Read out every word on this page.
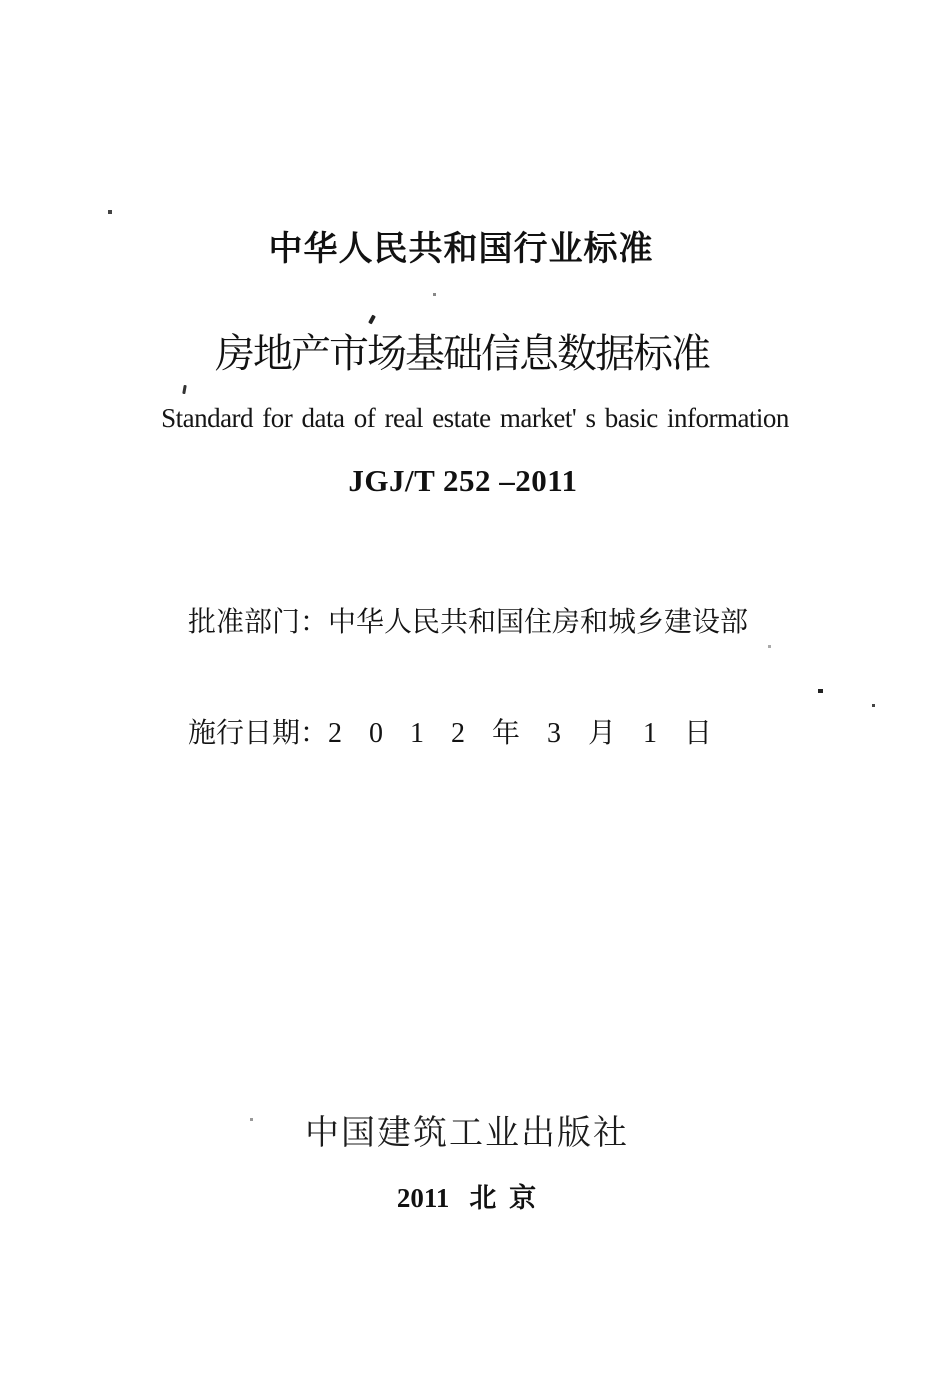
中华人民共和国行业标准
房地产市场基础信息数据标准
Standard for data of real estate market' s basic information
JGJ/T 252 –2011

批准部门：中华人民共和国住房和城乡建设部

施行日期：2 0 1 2 年 3 月 1 日

中国建筑工业出版社
2011 北 京
